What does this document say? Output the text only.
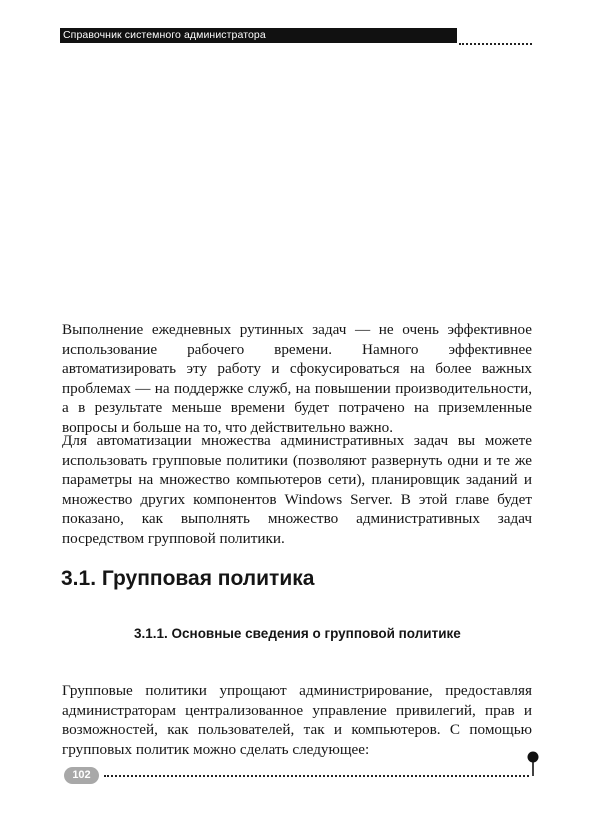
Справочник системного администратора

Выполнение ежедневных рутинных задач — не очень эффективное использование рабочего времени. Намного эффективнее автоматизировать эту работу и сфокусироваться на более важных проблемах — на поддержке служб, на повышении производительности, а в результате меньше времени будет потрачено на приземленные вопросы и больше на то, что действительно важно.

Для автоматизации множества административных задач вы можете использовать групповые политики (позволяют развернуть одни и те же параметры на множество компьютеров сети), планировщик заданий и множество других компонентов Windows Server. В этой главе будет показано, как выполнять множество административных задач посредством групповой политики.

3.1. Групповая политика
3.1.1. Основные сведения о групповой политике

Групповые политики упрощают администрирование, предоставляя администраторам централизованное управление привилегий, прав и возможностей, как пользователей, так и компьютеров. С помощью групповых политик можно сделать следующее:

102
